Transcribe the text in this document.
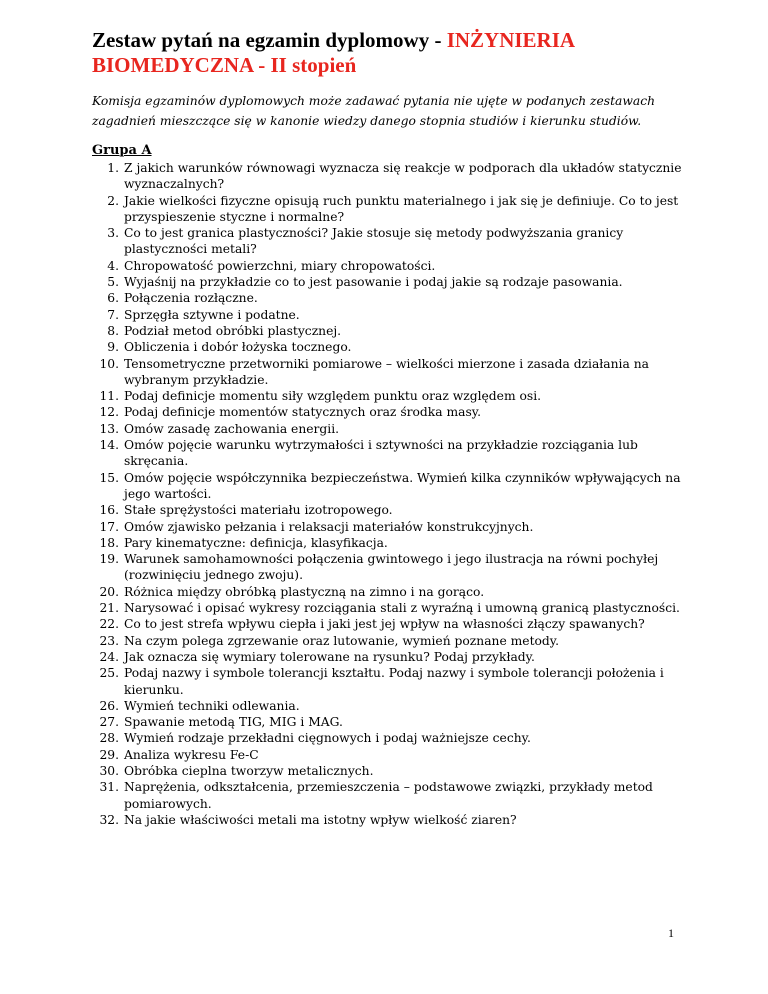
Zestaw pytań na egzamin dyplomowy - INŻYNIERIA BIOMEDYCZNA - II stopień

Komisja egzaminów dyplomowych może zadawać pytania nie ujęte w podanych zestawach zagadnień mieszczące się w kanonie wiedzy danego stopnia studiów i kierunku studiów.

Grupa A
1. Z jakich warunków równowagi wyznacza się reakcje w podporach dla układów statycznie wyznaczalnych?
2. Jakie wielkości fizyczne opisują ruch punktu materialnego i jak się je definiuje. Co to jest przyspieszenie styczne i normalne?
3. Co to jest granica plastyczności? Jakie stosuje się metody podwyższania granicy plastyczności metali?
4. Chropowatość powierzchni, miary chropowatości.
5. Wyjaśnij na przykładzie co to jest pasowanie i podaj jakie są rodzaje pasowania.
6. Połączenia rozłączne.
7. Sprzęgła sztywne i podatne.
8. Podział metod obróbki plastycznej.
9. Obliczenia i dobór łożyska tocznego.
10. Tensometryczne przetworniki pomiarowe – wielkości mierzone i zasada działania na wybranym przykładzie.
11. Podaj definicje momentu siły względem punktu oraz względem osi.
12. Podaj definicje momentów statycznych oraz środka masy.
13. Omów zasadę zachowania energii.
14. Omów pojęcie warunku wytrzymałości i sztywności na przykładzie rozciągania lub skręcania.
15. Omów pojęcie współczynnika bezpieczeństwa. Wymień kilka czynników wpływających na jego wartości.
16. Stałe sprężystości materiału izotropowego.
17. Omów zjawisko pełzania i relaksacji materiałów konstrukcyjnych.
18. Pary kinematyczne: definicja, klasyfikacja.
19. Warunek samohamowności połączenia gwintowego i jego ilustracja na równi pochyłej (rozwinięciu jednego zwoju).
20. Różnica między obróbką plastyczną na zimno i na gorąco.
21. Narysować i opisać wykresy rozciągania stali z wyraźną i umowną granicą plastyczności.
22. Co to jest strefa wpływu ciepła i jaki jest jej wpływ na własności złączy spawanych?
23. Na czym polega zgrzewanie oraz lutowanie, wymień poznane metody.
24. Jak oznacza się wymiary tolerowane na rysunku? Podaj przykłady.
25. Podaj nazwy i symbole tolerancji kształtu. Podaj nazwy i symbole tolerancji położenia i kierunku.
26. Wymień techniki odlewania.
27. Spawanie metodą TIG, MIG i MAG.
28. Wymień rodzaje przekładni cięgnowych i podaj ważniejsze cechy.
29. Analiza wykresu Fe-C
30. Obróbka cieplna tworzyw metalicznych.
31. Naprężenia, odkształcenia, przemieszczenia – podstawowe związki, przykłady metod pomiarowych.
32. Na jakie właściwości metali ma istotny wpływ wielkość ziaren?
1
